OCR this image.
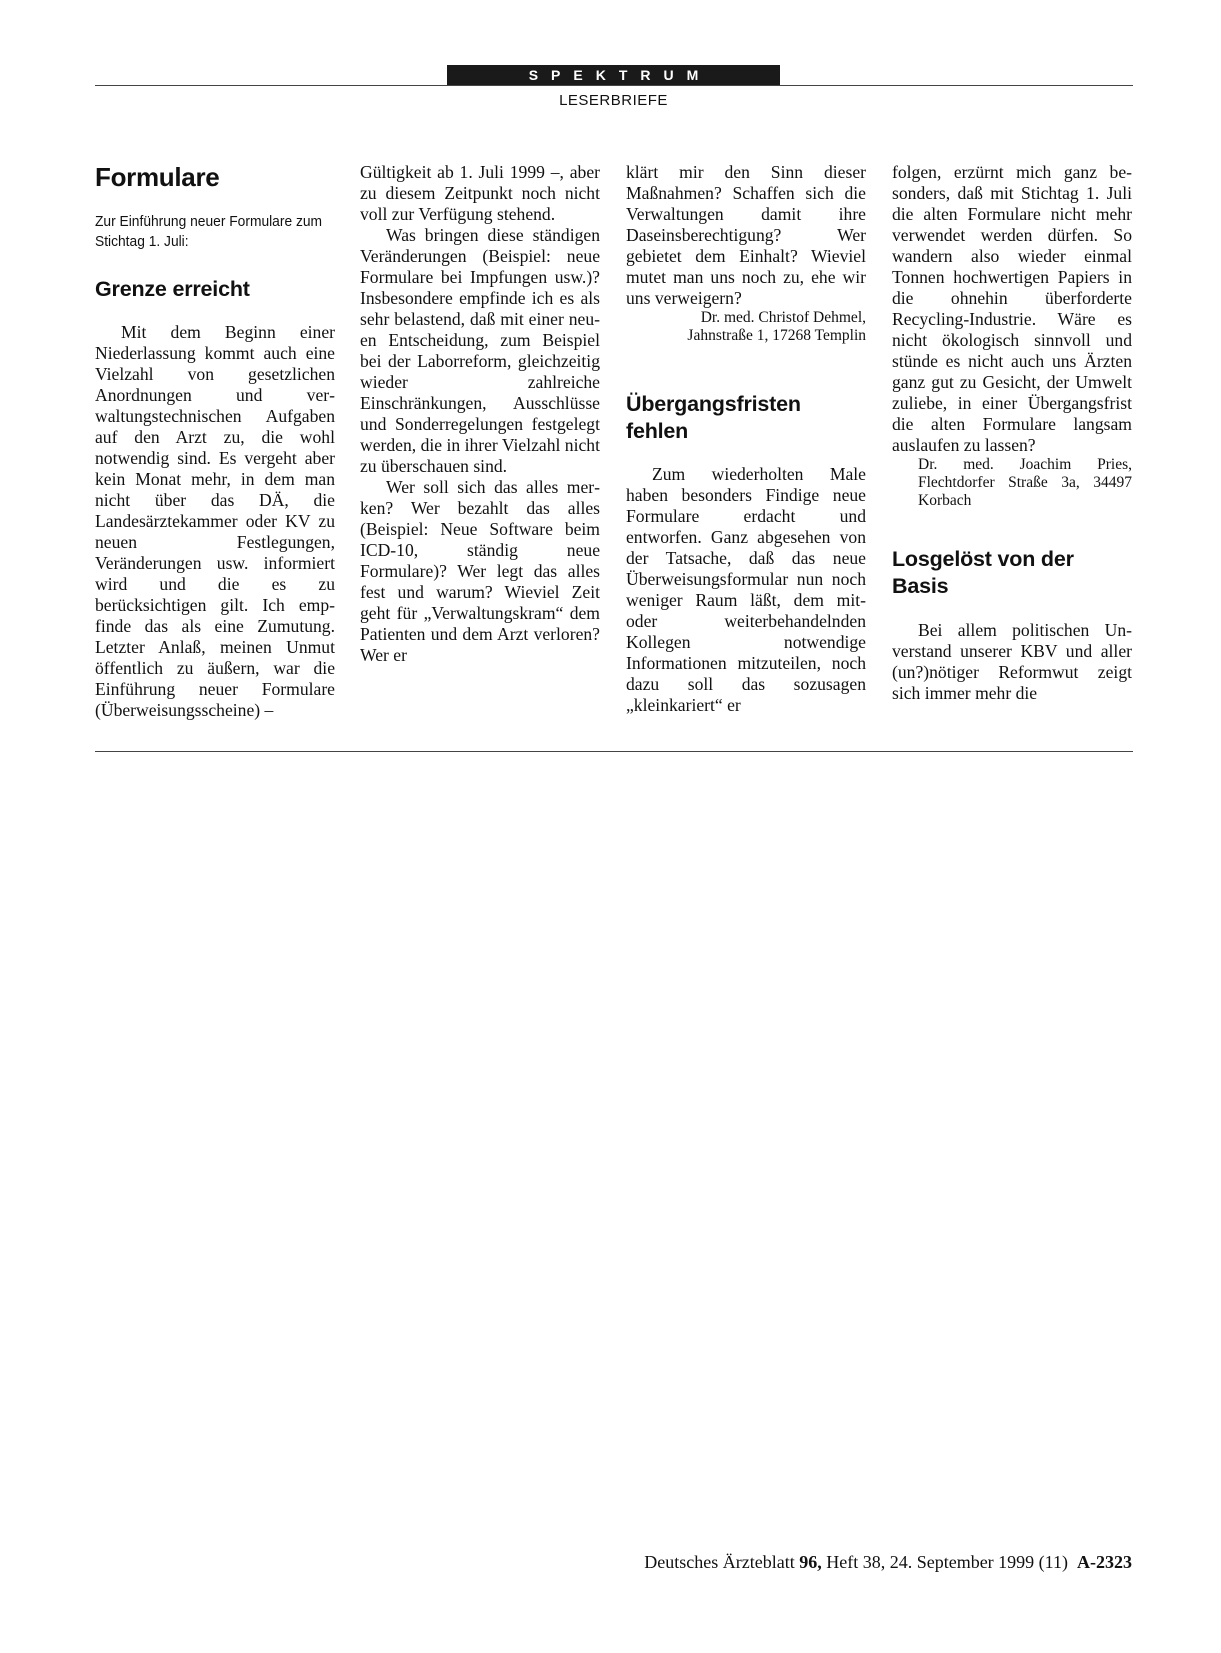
SPEKTRUM
LESERBRIEFE
Formulare
Zur Einführung neuer Formulare zum Stichtag 1. Juli:
Grenze erreicht

Mit dem Beginn einer Niederlassung kommt auch eine Vielzahl von gesetzlichen Anordnungen und verwaltungstechnischen Aufgaben auf den Arzt zu, die wohl notwendig sind. Es vergeht aber kein Monat mehr, in dem man nicht über das DÄ, die Landesärztekammer oder KV zu neuen Festlegungen, Veränderungen usw. informiert wird und die es zu berücksichtigen gilt. Ich empfinde das als eine Zumutung. Letzter Anlaß, meinen Unmut öffentlich zu äußern, war die Einführung neuer Formulare (Überweisungsscheine) –

Gültigkeit ab 1. Juli 1999 –, aber zu diesem Zeitpunkt noch nicht voll zur Verfügung stehend.

Was bringen diese ständigen Veränderungen (Beispiel: neue Formulare bei Impfungen usw.)? Insbesondere empfinde ich es als sehr belastend, daß mit einer neuen Entscheidung, zum Beispiel bei der Laborreform, gleichzeitig wieder zahlreiche Einschränkungen, Ausschlüsse und Sonderregelungen festgelegt werden, die in ihrer Vielzahl nicht zu überschauen sind.

Wer soll sich das alles merken? Wer bezahlt das alles (Beispiel: Neue Software beim ICD-10, ständig neue Formulare)? Wer legt das alles fest und warum? Wieviel Zeit geht für „Verwaltungskram“ dem Patienten und dem Arzt verloren? Wer er

klärt mir den Sinn dieser Maßnahmen? Schaffen sich die Verwaltungen damit ihre Daseinsberechtigung? Wer gebietet dem Einhalt? Wieviel mutet man uns noch zu, ehe wir uns verweigern?

Dr. med. Christof Dehmel,
Jahnstraße 1, 17268 Templin

Übergangsfristen
fehlen

Zum wiederholten Male haben besonders Findige neue Formulare erdacht und entworfen. Ganz abgesehen von der Tatsache, daß das neue Überweisungsformular nun noch weniger Raum läßt, dem mit- oder weiterbehandelnden Kollegen notwendige Informationen mitzuteilen, noch dazu soll das sozusagen „kleinkariert“ er

folgen, erzürnt mich ganz besonders, daß mit Stichtag 1. Juli die alten Formulare nicht mehr verwendet werden dürfen. So wandern also wieder einmal Tonnen hochwertigen Papiers in die ohnehin überforderte Recycling-Industrie. Wäre es nicht ökologisch sinnvoll und stünde es nicht auch uns Ärzten ganz gut zu Gesicht, der Umwelt zuliebe, in einer Übergangsfrist die alten Formulare langsam auslaufen zu lassen?

Dr. med. Joachim Pries,
Flechtdorfer Straße 3a, 34497
Korbach

Losgelöst von der Basis

Bei allem politischen Unverstand unserer KBV und aller (un?)nötiger Reformwut zeigt sich immer mehr die

Deutsches Ärzteblatt 96, Heft 38, 24. September 1999 (11) A-2323
